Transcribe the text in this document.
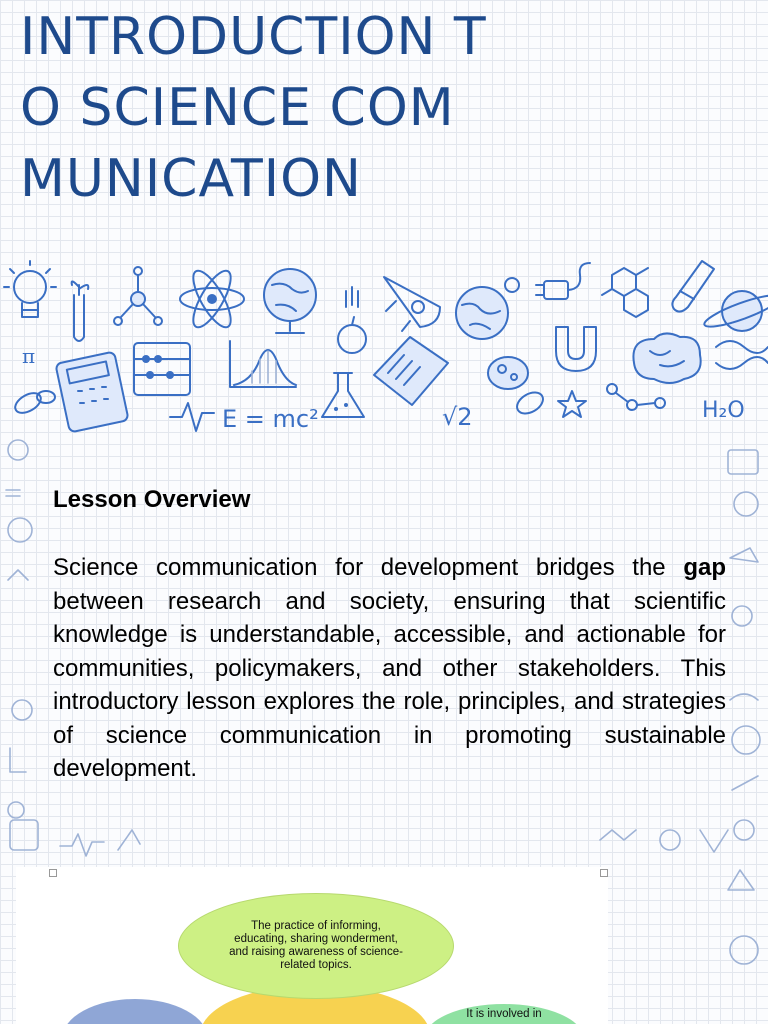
INTRODUCTION TO SCIENCE COMMUNICATION
π
E = mc²	√2	H₂O
Lesson Overview

Science communication for development bridges the gap between research and society, ensuring that scientific knowledge is understandable, accessible, and actionable for communities, policymakers, and other stakeholders. This introductory lesson explores the role, principles, and strategies of science communication in promoting sustainable development.

The practice of informing, educating, sharing wonderment, and raising awareness of science-related topics.
It is involved in
